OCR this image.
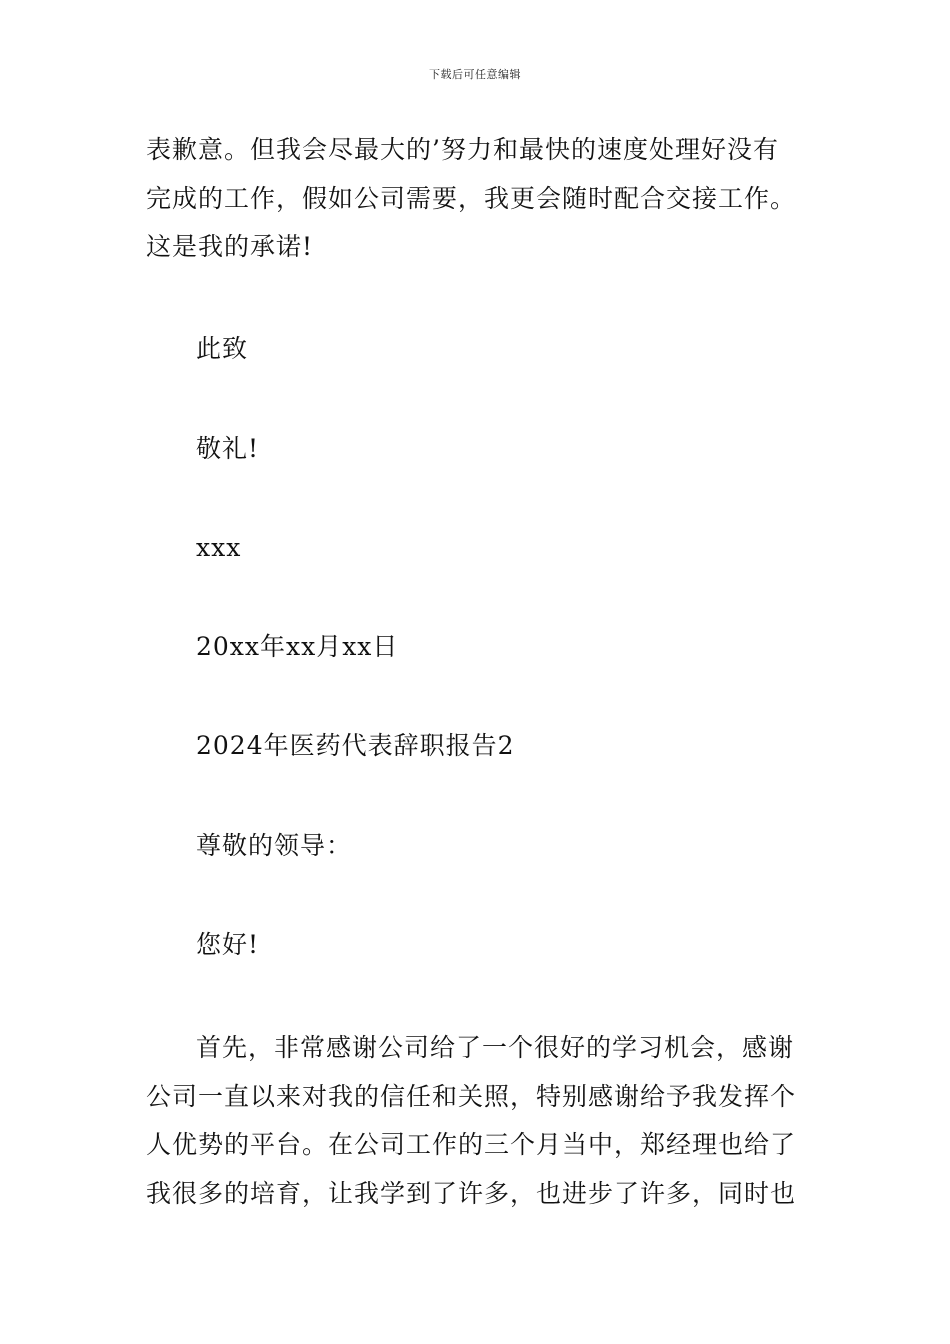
下载后可任意编辑
表歉意。但我会尽最大的’努力和最快的速度处理好没有
完成的工作，假如公司需要，我更会随时配合交接工作。
这是我的承诺!
此致
敬礼!
xxx
20xx年xx月xx日
2024年医药代表辞职报告2
尊敬的领导：
您好!
首先，非常感谢公司给了一个很好的学习机会，感谢
公司一直以来对我的信任和关照，特别感谢给予我发挥个
人优势的平台。在公司工作的三个月当中，郑经理也给了
我很多的培育，让我学到了许多，也进步了许多，同时也
